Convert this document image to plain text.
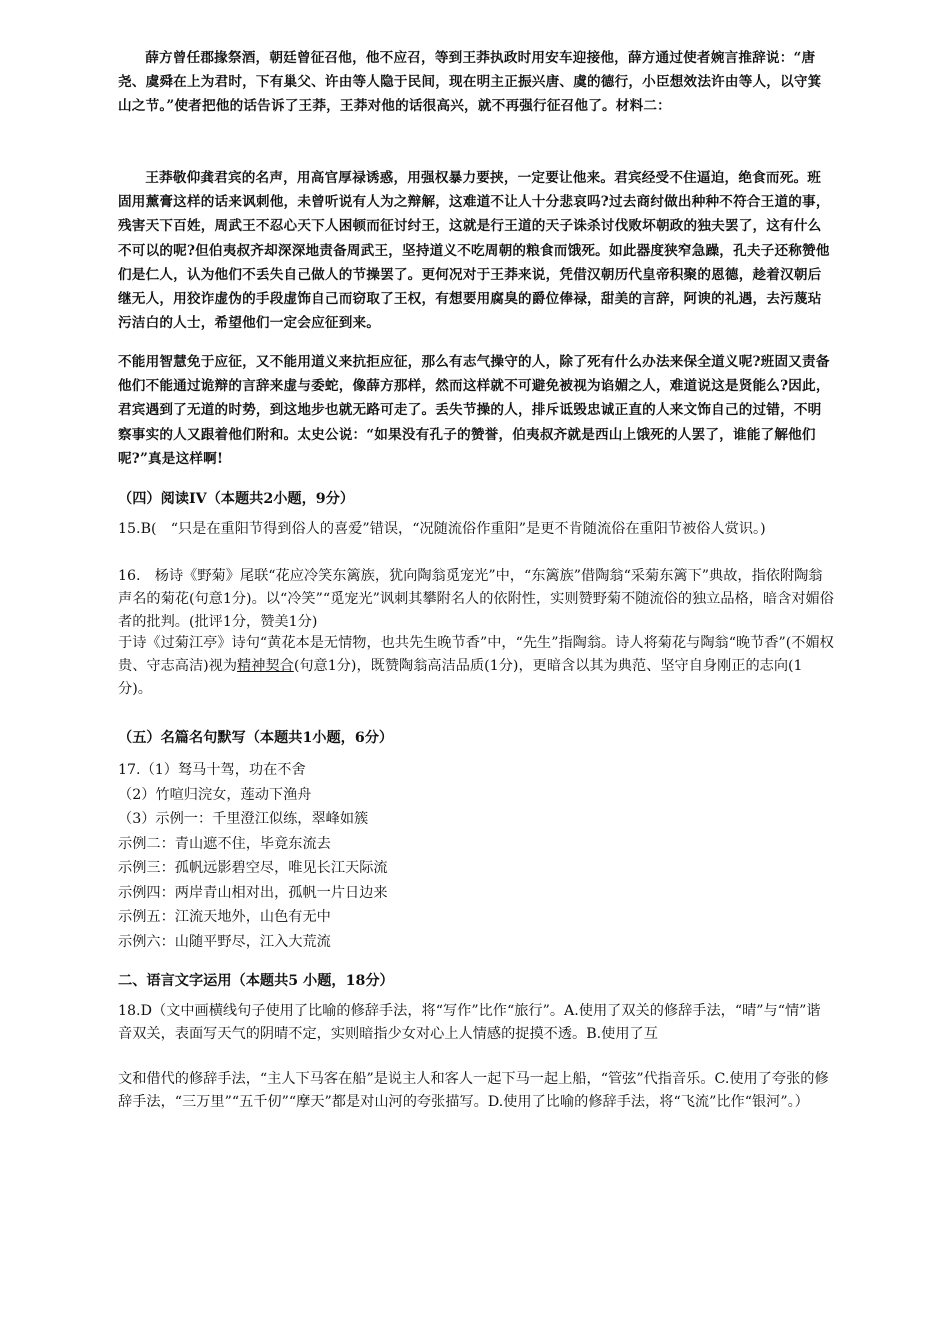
薛方曾任郡掾祭酒，朝廷曾征召他，他不应召，等到王莽执政时用安车迎接他，薛方通过使者婉言推辞说：“唐尧、虞舜在上为君时，下有巢父、许由等人隐于民间，现在明主正振兴唐、虞的德行，小臣想效法许由等人，以守箕山之节。”使者把他的话告诉了王莽，王莽对他的话很高兴，就不再强行征召他了。材料二：

王莽敬仰龚君宾的名声，用高官厚禄诱惑，用强权暴力要挟，一定要让他来。君宾经受不住逼迫，绝食而死。班固用薰膏这样的话来讽刺他，未曾听说有人为之辩解，这难道不让人十分悲哀吗?过去商纣做出种种不符合王道的事，残害天下百姓，周武王不忍心天下人困顿而征讨纣王，这就是行王道的天子诛杀讨伐败坏朝政的独夫罢了，这有什么不可以的呢?但伯夷叔齐却深深地责备周武王，坚持道义不吃周朝的粮食而饿死。如此器度狭窄急躁，孔夫子还称赞他们是仁人，认为他们不丢失自己做人的节操罢了。更何况对于王莽来说，凭借汉朝历代皇帝积聚的恩德，趁着汉朝后继无人，用狡诈虚伪的手段虚饰自己而窃取了王权，有想要用腐臭的爵位俸禄，甜美的言辞，阿谀的礼遇，去污蔑玷污洁白的人士，希望他们一定会应征到来。

不能用智慧免于应征，又不能用道义来抗拒应征，那么有志气操守的人，除了死有什么办法来保全道义呢?班固又责备他们不能通过诡辩的言辞来虚与委蛇，像薛方那样，然而这样就不可避免被视为谄媚之人，难道说这是贤能么?因此，君宾遇到了无道的时势，到这地步也就无路可走了。丢失节操的人，排斥诋毁忠诚正直的人来文饰自己的过错，不明察事实的人又跟着他们附和。太史公说：“如果没有孔子的赞誉，伯夷叔齐就是西山上饿死的人罢了，谁能了解他们呢?”真是这样啊!

（四）阅读IV（本题共2小题，9分）

15.B(　“只是在重阳节得到俗人的喜爱”错误，“况随流俗作重阳”是更不肯随流俗在重阳节被俗人赏识。)

16.　杨诗《野菊》尾联“花应冷笑东篱族，犹向陶翁觅宠光”中，“东篱族”借陶翁“采菊东篱下”典故，指依附陶翁声名的菊花(句意1分)。以“冷笑”“觅宠光”讽刺其攀附名人的依附性，实则赞野菊不随流俗的独立品格，暗含对媚俗者的批判。(批评1分，赞美1分)

于诗《过菊江亭》诗句“黄花本是无情物，也共先生晚节香”中，“先生”指陶翁。诗人将菊花与陶翁“晚节香”(不媚权贵、守志高洁)视为精神契合(句意1分)，既赞陶翁高洁品质(1分)，更暗含以其为典范、坚守自身刚正的志向(1分)。

（五）名篇名句默写（本题共1小题，6分）

17.（1）驽马十驾，功在不舍
（2）竹喧归浣女，莲动下渔舟
（3）示例一：千里澄江似练，翠峰如簇
示例二：青山遮不住，毕竟东流去
示例三：孤帆远影碧空尽，唯见长江天际流
示例四：两岸青山相对出，孤帆一片日边来
示例五：江流天地外，山色有无中
示例六：山随平野尽，江入大荒流

二、语言文字运用（本题共5 小题，18分）

18.D（文中画横线句子使用了比喻的修辞手法，将“写作”比作“旅行”。A.使用了双关的修辞手法，“晴”与“情”谐音双关，表面写天气的阴晴不定，实则暗指少女对心上人情感的捉摸不透。B.使用了互

文和借代的修辞手法，“主人下马客在船”是说主人和客人一起下马一起上船，“管弦”代指音乐。C.使用了夸张的修辞手法，“三万里”“五千仞”“摩天”都是对山河的夸张描写。D.使用了比喻的修辞手法，将“飞流”比作“银河”。）
